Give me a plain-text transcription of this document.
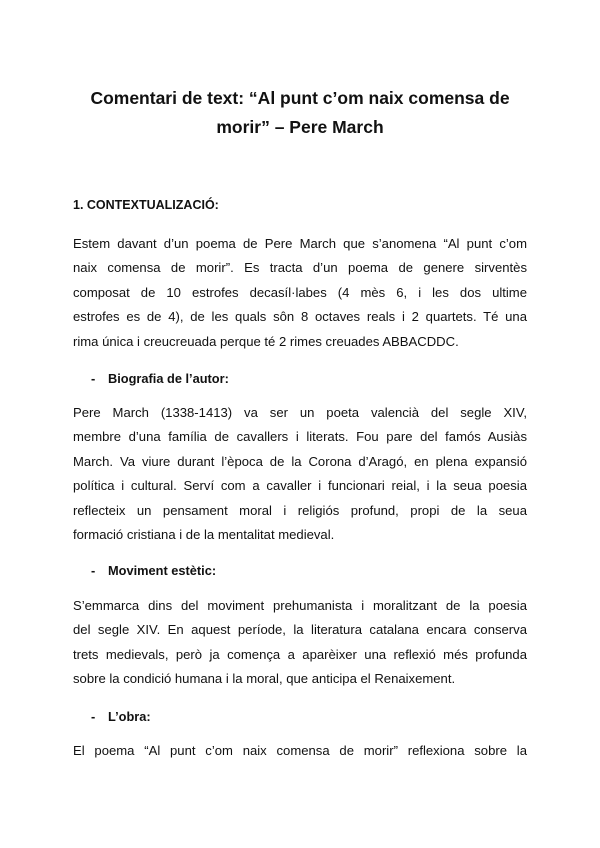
Comentari de text: “Al punt c’om naix comensa de
morir” – Pere March
1. CONTEXTUALIZACIÓ:

Estem davant d’un poema de Pere March que s’anomena “Al punt c’om
naix comensa de morir”. Es tracta d’un poema de genere sirventès
composat de 10 estrofes decasíl·labes (4 mès 6, i les dos ultime
estrofes es de 4), de les quals sôn 8 octaves reals i 2 quartets. Té una
rima única i creucreuada perque té 2 rimes creuades ABBACDDC.

- Biografia de l’autor:

Pere March (1338-1413) va ser un poeta valencià del segle XIV,
membre d’una família de cavallers i literats. Fou pare del famós Ausiàs
March. Va viure durant l’època de la Corona d’Aragó, en plena expansió
política i cultural. Serví com a cavaller i funcionari reial, i la seua poesia
reflecteix un pensament moral i religiós profund, propi de la seua
formació cristiana i de la mentalitat medieval.

- Moviment estètic:

S’emmarca dins del moviment prehumanista i moralitzant de la poesia
del segle XIV. En aquest període, la literatura catalana encara conserva
trets medievals, però ja comença a aparèixer una reflexió més profunda
sobre la condició humana i la moral, que anticipa el Renaixement.

- L’obra:

El poema “Al punt c’om naix comensa de morir” reflexiona sobre la
